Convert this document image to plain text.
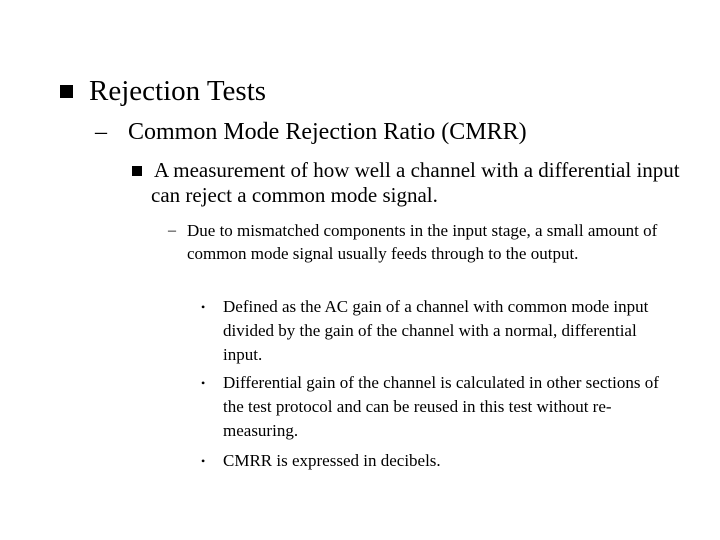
Rejection Tests
– Common Mode Rejection Ratio (CMRR)
A measurement of how well a channel with a differential input can reject a common mode signal.
– Due to mismatched components in the input stage, a small amount of common mode signal usually feeds through to the output.
• Defined as the AC gain of a channel with common mode input divided by the gain of the channel with a normal, differential input.
• Differential gain of the channel is calculated in other sections of the test protocol and can be reused in this test without re-measuring.
• CMRR is expressed in decibels.
